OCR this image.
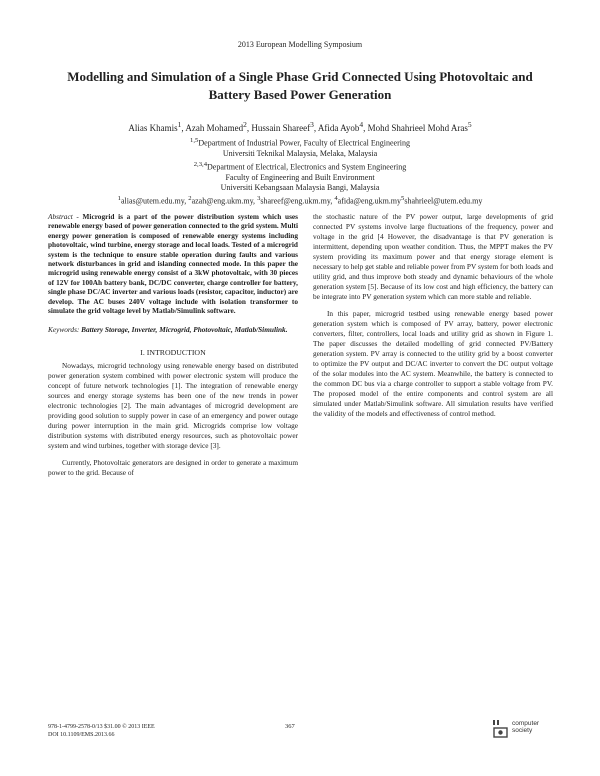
2013 European Modelling Symposium
Modelling and Simulation of a Single Phase Grid Connected Using Photovoltaic and
Battery Based Power Generation
Alias Khamis$^1$, Azah Mohamed$^2$, Hussain Shareef$^3$, Afida Ayob$^4$, Mohd Shahrieel Mohd Aras$^5$
$^{1,5}$Department of Industrial Power, Faculty of Electrical Engineering
Universiti Teknikal Malaysia, Melaka, Malaysia
$^{2,3,4}$Department of Electrical, Electronics and System Engineering
Faculty of Engineering and Built Environment
Universiti Kebangsaan Malaysia Bangi, Malaysia
$^1$alias@utem.edu.my, $^2$azah@eng.ukm.my, $^3$shareef@eng.ukm.my, $^4afida@eng.ukm.my^5shahrieel@utem.edu.my$
Abstract - Microgrid is a part of the power distribution system which uses renewable energy based of power generation connected to the grid system. Multi energy power generation is composed of renewable energy systems including photovoltaic, wind turbine, energy storage and local loads. Tested of a microgrid system is the technique to ensure stable operation during faults and various network disturbances in grid and islanding connected mode. In this paper the microgrid using renewable energy consist of a 3kW photovoltaic, with 30 pieces of 12V for 100Ah battery bank, DC/DC converter, charge controller for battery, single phase DC/AC inverter and various loads (resistor, capacitor, inductor) are develop. The AC buses 240V voltage include with isolation transformer to simulate the grid voltage level by Matlab/Simulink software.
Keywords: Battery Storage, Inverter, Microgrid, Photovoltaic, Matlab/Simulink.
I. INTRODUCTION

Nowadays, microgrid technology using renewable energy based on distributed power generation system combined with power electronic system will produce the concept of future network technologies [1]. The integration of renewable energy sources and energy storage systems has been one of the new trends in power electronic technologies [2]. The main advantages of microgrid development are providing good solution to supply power in case of an emergency and power outage during power interruption in the main grid. Microgrids comprise low voltage distribution systems with distributed energy resources, such as photovoltaic power system and wind turbines, together with storage device [3].

Currently, Photovoltaic generators are designed in order to generate a maximum power to the grid. Because of

the stochastic nature of the PV power output, large developments of grid connected PV systems involve large fluctuations of the frequency, power and voltage in the grid [4 However, the disadvantage is that PV generation is intermittent, depending upon weather condition. Thus, the MPPT makes the PV system providing its maximum power and that energy storage element is necessary to help get stable and reliable power from PV system for both loads and utility grid, and thus improve both steady and dynamic behaviours of the whole generation system [5]. Because of its low cost and high efficiency, the battery can be integrate into PV generation system which can more stable and reliable.

In this paper, microgrid testbed using renewable energy based power generation system which is composed of PV array, battery, power electronic converters, filter, controllers, local loads and utility grid as shown in Figure 1. The paper discusses the detailed modelling of grid connected PV/Battery generation system. PV array is connected to the utility grid by a boost converter to optimize the PV output and DC/AC inverter to convert the DC output voltage of the solar modules into the AC system. Meanwhile, the battery is connected to the common DC bus via a charge controller to support a stable voltage from PV. The proposed model of the entire components and control system are all simulated under Matlab/Simulink software. All simulation results have verified the validity of the models and effectiveness of control method.

978-1-4799-2578-0/13 $31.00 © 2013 IEEE
DOI 10.1109/EMS.2013.66
367	computer
society
